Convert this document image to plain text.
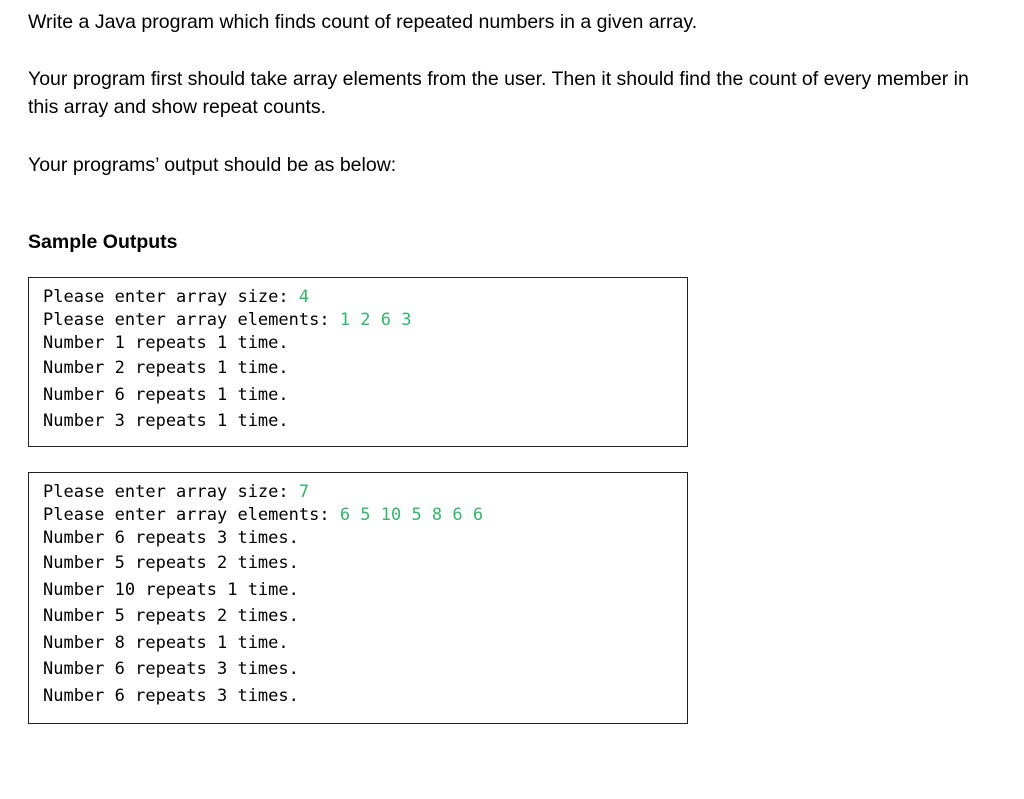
Write a Java program which finds count of repeated numbers in a given array.

Your program first should take array elements from the user. Then it should find the count of every member in this array and show repeat counts.

Your programs’ output should be as below:

Sample Outputs
Please enter array size: 4
Please enter array elements: 1 2 6 3
Number 1 repeats 1 time.
Number 2 repeats 1 time.
Number 6 repeats 1 time.
Number 3 repeats 1 time.
Please enter array size: 7
Please enter array elements: 6 5 10 5 8 6 6
Number 6 repeats 3 times.
Number 5 repeats 2 times.
Number 10 repeats 1 time.
Number 5 repeats 2 times.
Number 8 repeats 1 time.
Number 6 repeats 3 times.
Number 6 repeats 3 times.
